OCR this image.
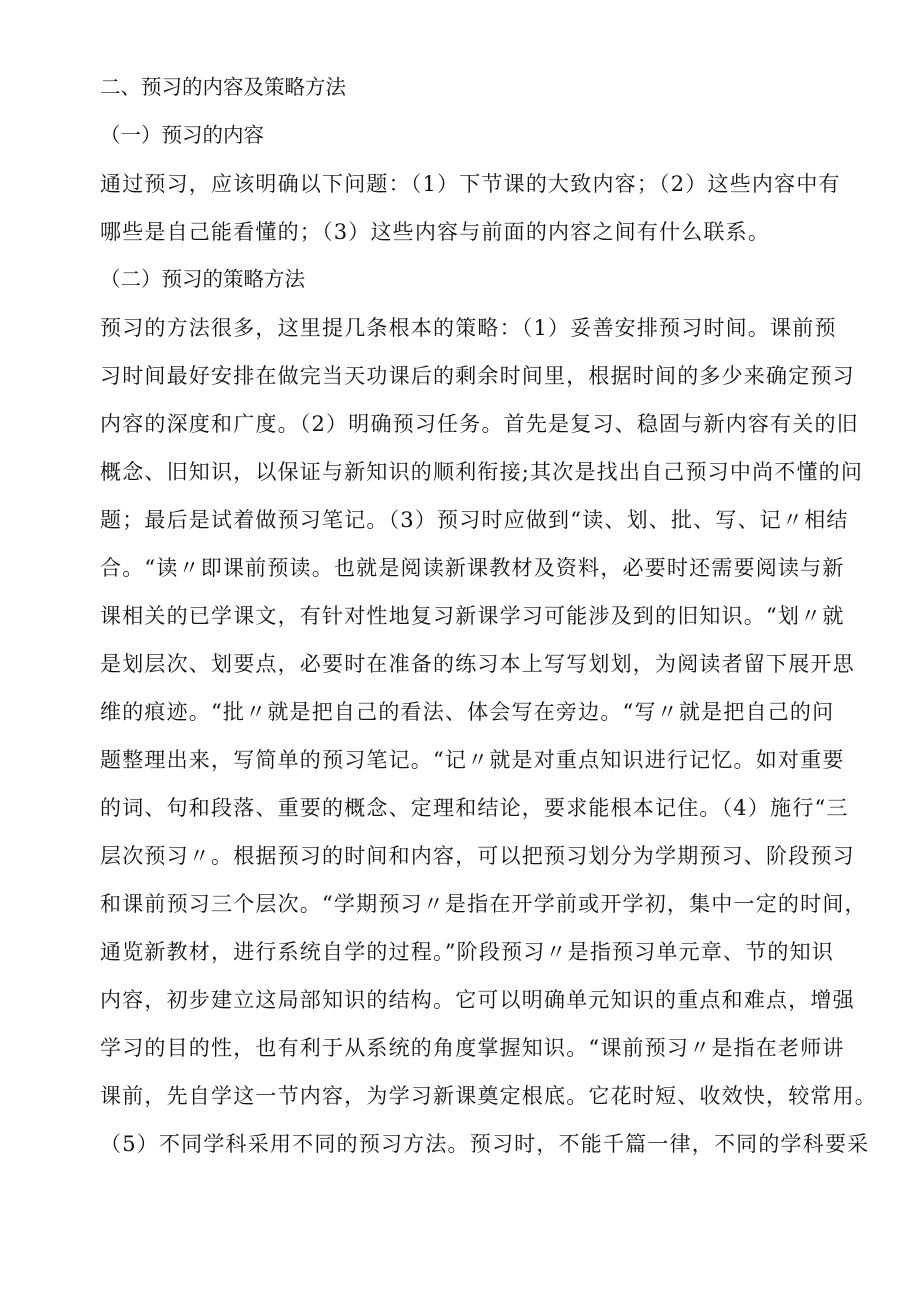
二、预习的内容及策略方法
（一）预习的内容

通过预习，应该明确以下问题：（1）下节课的大致内容；（2）这些内容中有
哪些是自己能看懂的；（3）这些内容与前面的内容之间有什么联系。

（二）预习的策略方法

预习的方法很多，这里提几条根本的策略：（1）妥善安排预习时间。课前预
习时间最好安排在做完当天功课后的剩余时间里，根据时间的多少来确定预习
内容的深度和广度。（2）明确预习任务。首先是复习、稳固与新内容有关的旧
概念、旧知识，以保证与新知识的顺利衔接;其次是找出自己预习中尚不懂的问
题；最后是试着做预习笔记。（3）预习时应做到“读、划、批、写、记〃相结
合。“读〃即课前预读。也就是阅读新课教材及资料，必要时还需要阅读与新
课相关的已学课文，有针对性地复习新课学习可能涉及到的旧知识。“划〃就
是划层次、划要点，必要时在准备的练习本上写写划划，为阅读者留下展开思
维的痕迹。“批〃就是把自己的看法、体会写在旁边。“写〃就是把自己的问
题整理出来，写简单的预习笔记。“记〃就是对重点知识进行记忆。如对重要
的词、句和段落、重要的概念、定理和结论，要求能根本记住。（4）施行“三
层次预习〃。根据预习的时间和内容，可以把预习划分为学期预习、阶段预习
和课前预习三个层次。“学期预习〃是指在开学前或开学初，集中一定的时间，
通览新教材，进行系统自学的过程。”阶段预习〃是指预习单元章、节的知识
内容，初步建立这局部知识的结构。它可以明确单元知识的重点和难点，增强
学习的目的性，也有利于从系统的角度掌握知识。“课前预习〃是指在老师讲
课前，先自学这一节内容，为学习新课奠定根底。它花时短、收效快，较常用。
（5）不同学科采用不同的预习方法。预习时，不能千篇一律，不同的学科要采
